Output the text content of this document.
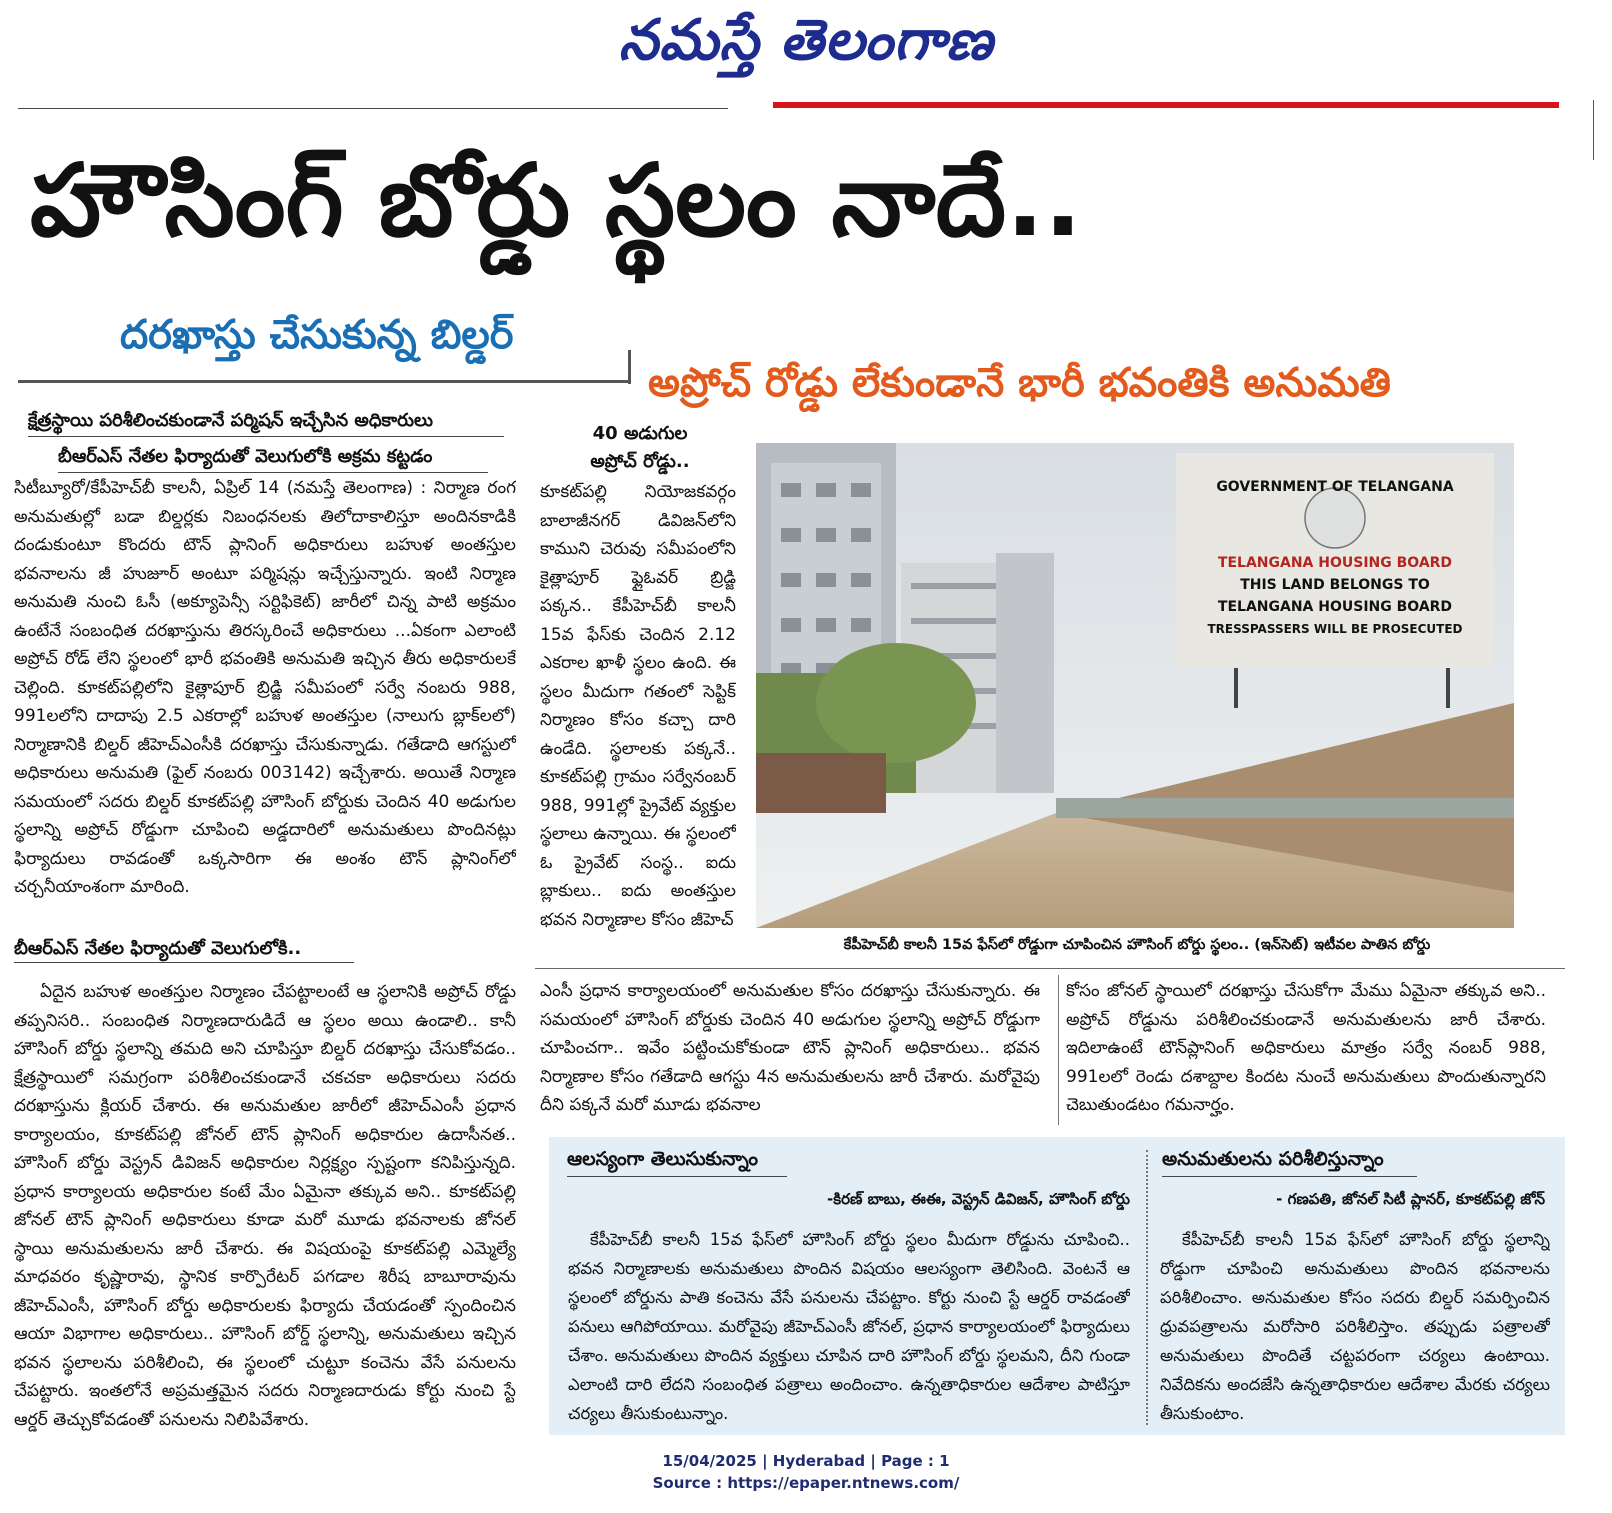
నమస్తే తెలంగాణ
హౌసింగ్ బోర్డు స్థలం నాదే..
దరఖాస్తు చేసుకున్న బిల్డర్
అప్రోచ్ రోడ్డు లేకుండానే భారీ భవంతికి అనుమతి
క్షేత్రస్థాయి పరిశీలించకుండానే పర్మిషన్ ఇచ్చేసిన అధికారులు
బీఆర్ఎస్ నేతల ఫిర్యాదుతో వెలుగులోకి అక్రమ కట్టడం
సిటీబ్యూరో/కేపీహెచ్‌బీ కాలనీ, ఏప్రిల్ 14 (నమస్తే తెలంగాణ) : నిర్మాణ రంగ అనుమతుల్లో బడా బిల్డర్లకు నిబంధనలకు తిలోదాకాలిస్తూ అందినకాడికి దండుకుంటూ కొందరు టౌన్ ప్లానింగ్ అధికారులు బహుళ అంతస్తుల భవనాలను జీ హుజూర్ అంటూ పర్మిషన్లు ఇచ్చేస్తున్నారు. ఇంటి నిర్మాణ అనుమతి నుంచి ఓసీ (అక్యూపెన్సీ సర్టిఫికెట్) జారీలో చిన్న పాటి అక్రమం ఉంటేనే సంబంధిత దరఖాస్తును తిరస్కరించే అధికారులు ...ఏకంగా ఎలాంటి అప్రోచ్ రోడ్ లేని స్థలంలో భారీ భవంతికి అనుమతి ఇచ్చిన తీరు అధికారులకే చెల్లింది. కూకట్‌పల్లిలోని కైత్లాపూర్ బ్రిడ్జి సమీపంలో సర్వే నంబరు 988, 991లలోని దాదాపు 2.5 ఎకరాల్లో బహుళ అంతస్తుల (నాలుగు బ్లాక్‌లలో) నిర్మాణానికి బిల్డర్ జీహెచ్‌ఎంసీకి దరఖాస్తు చేసుకున్నాడు. గతేడాది ఆగస్టులో అధికారులు అనుమతి (ఫైల్ నంబరు 003142) ఇచ్చేశారు. అయితే నిర్మాణ సమయంలో సదరు బిల్డర్ కూకట్‌పల్లి హౌసింగ్ బోర్డుకు చెందిన 40 అడుగుల స్థలాన్ని అప్రోచ్ రోడ్డుగా చూపించి అడ్డదారిలో అనుమతులు పొందినట్లు ఫిర్యాదులు రావడంతో ఒక్కసారిగా ఈ అంశం టౌన్ ప్లానింగ్‌లో చర్చనీయాంశంగా మారింది.
బీఆర్ఎస్ నేతల ఫిర్యాదుతో వెలుగులోకి..
ఏదైన బహుళ అంతస్తుల నిర్మాణం చేపట్టాలంటే ఆ స్థలానికి అప్రోచ్ రోడ్డు తప్పనిసరి.. సంబంధిత నిర్మాణదారుడిదే ఆ స్థలం అయి ఉండాలి.. కానీ హౌసింగ్ బోర్డు స్థలాన్ని తమది అని చూపిస్తూ బిల్డర్ దరఖాస్తు చేసుకోవడం.. క్షేత్రస్థాయిలో సమగ్రంగా పరిశీలించకుండానే చకచకా అధికారులు సదరు దరఖాస్తును క్లియర్ చేశారు. ఈ అనుమతుల జారీలో జీహెచ్‌ఎంసీ ప్రధాన కార్యాలయం, కూకట్‌పల్లి జోనల్ టౌన్ ప్లానింగ్ అధికారుల ఉదాసీనత.. హౌసింగ్ బోర్డు వెస్ట్రన్ డివిజన్ అధికారుల నిర్లక్ష్యం స్పష్టంగా కనిపిస్తున్నది. ప్రధాన కార్యాలయ అధికారుల కంటే మేం ఏమైనా తక్కువ అని.. కూకట్‌పల్లి జోనల్ టౌన్ ప్లానింగ్ అధికారులు కూడా మరో మూడు భవనాలకు జోనల్ స్థాయి అనుమతులను జారీ చేశారు. ఈ విషయంపై కూకట్‌పల్లి ఎమ్మెల్యే మాధవరం కృష్ణారావు, స్థానిక కార్పొరేటర్ పగడాల శిరీష బాబూరావును జీహెచ్‌ఎంసీ, హౌసింగ్ బోర్డు అధికారులకు ఫిర్యాదు చేయడంతో స్పందించిన ఆయా విభాగాల అధికారులు.. హౌసింగ్ బోర్డ్ స్థలాన్ని, అనుమతులు ఇచ్చిన భవన స్థలాలను పరిశీలించి, ఈ స్థలంలో చుట్టూ కంచెను వేసే పనులను చేపట్టారు. ఇంతలోనే అప్రమత్తమైన సదరు నిర్మాణదారుడు కోర్టు నుంచి స్టే ఆర్డర్ తెచ్చుకోవడంతో పనులను నిలిపివేశారు.
40 అడుగుల
అప్రోచ్ రోడ్డు..
కూకట్‌పల్లి నియోజకవర్గం బాలాజీనగర్ డివిజన్‌లోని కాముని చెరువు సమీపంలోని కైత్లాపూర్ ఫ్లైఓవర్ బ్రిడ్జి పక్కన.. కేపీహెచ్‌బీ కాలనీ 15వ ఫేస్‌కు చెందిన 2.12 ఎకరాల ఖాళీ స్థలం ఉంది. ఈ స్థలం మీదుగా గతంలో సెప్టిక్ నిర్మాణం కోసం కచ్చా దారి ఉండేది. స్థలాలకు పక్కనే.. కూకట్‌పల్లి గ్రామం సర్వేనంబర్ 988, 991ల్లో ప్రైవేట్ వ్యక్తుల స్థలాలు ఉన్నాయి. ఈ స్థలంలో ఓ ప్రైవేట్ సంస్థ.. ఐదు బ్లాకులు.. ఐదు అంతస్తుల భవన నిర్మాణాల కోసం జీహెచ్
GOVERNMENT OF TELANGANA
TELANGANA HOUSING BOARD
THIS LAND BELONGS TO
TELANGANA HOUSING BOARD
TRESSPASSERS WILL BE PROSECUTED
కేపీహెచ్‌బీ కాలనీ 15వ ఫేస్‌లో రోడ్డుగా చూపించిన హౌసింగ్ బోర్డు స్థలం.. (ఇన్‌సెట్) ఇటీవల పాతిన బోర్డు
ఎంసీ ప్రధాన కార్యాలయంలో అనుమతుల కోసం దరఖాస్తు చేసుకున్నారు. ఈ సమయంలో హౌసింగ్ బోర్డుకు చెందిన 40 అడుగుల స్థలాన్ని అప్రోచ్ రోడ్డుగా చూపించగా.. ఇవేం పట్టించుకోకుండా టౌన్ ప్లానింగ్ అధికారులు.. భవన నిర్మాణాల కోసం గతేడాది ఆగస్టు 4న అనుమతులను జారీ చేశారు. మరోవైపు దీని పక్కనే మరో మూడు భవనాల
కోసం జోనల్ స్థాయిలో దరఖాస్తు చేసుకోగా మేము ఏమైనా తక్కువ అని.. అప్రోచ్ రోడ్డును పరిశీలించకుండానే అనుమతులను జారీ చేశారు. ఇదిలాఉంటే టౌన్‌ప్లానింగ్ అధికారులు మాత్రం సర్వే నంబర్ 988, 991లలో రెండు దశాబ్దాల కిందట నుంచే అనుమతులు పొందుతున్నారని చెబుతుండటం గమనార్హం.
ఆలస్యంగా తెలుసుకున్నాం
-కిరణ్ బాబు, ఈఈ, వెస్ట్రన్ డివిజన్, హౌసింగ్ బోర్డు
కేపీహెచ్‌బీ కాలనీ 15వ ఫేస్‌లో హౌసింగ్ బోర్డు స్థలం మీదుగా రోడ్డును చూపించి.. భవన నిర్మాణాలకు అనుమతులు పొందిన విషయం ఆలస్యంగా తెలిసింది. వెంటనే ఆ స్థలంలో బోర్డును పాతి కంచెను వేసే పనులను చేపట్టాం. కోర్టు నుంచి స్టే ఆర్డర్ రావడంతో పనులు ఆగిపోయాయి. మరోవైపు జీహెచ్‌ఎంసీ జోనల్, ప్రధాన కార్యాలయంలో ఫిర్యాదులు చేశాం. అనుమతులు పొందిన వ్యక్తులు చూపిన దారి హౌసింగ్ బోర్డు స్థలమని, దీని గుండా ఎలాంటి దారి లేదని సంబంధిత పత్రాలు అందించాం. ఉన్నతాధికారుల ఆదేశాల పాటిస్తూ చర్యలు తీసుకుంటున్నాం.
అనుమతులను పరిశీలిస్తున్నాం
- గణపతి, జోనల్ సిటీ ప్లానర్, కూకట్‌పల్లి జోన్
కేపీహెచ్‌బీ కాలనీ 15వ ఫేస్‌లో హౌసింగ్ బోర్డు స్థలాన్ని రోడ్డుగా చూపించి అనుమతులు పొందిన భవనాలను పరిశీలించాం. అనుమతుల కోసం సదరు బిల్డర్ సమర్పించిన ధ్రువపత్రాలను మరోసారి పరిశీలిస్తాం. తప్పుడు పత్రాలతో అనుమతులు పొందితే చట్టపరంగా చర్యలు ఉంటాయి. నివేదికను అందజేసి ఉన్నతాధికారుల ఆదేశాల మేరకు చర్యలు తీసుకుంటాం.
15/04/2025 | Hyderabad | Page : 1
Source : https://epaper.ntnews.com/
